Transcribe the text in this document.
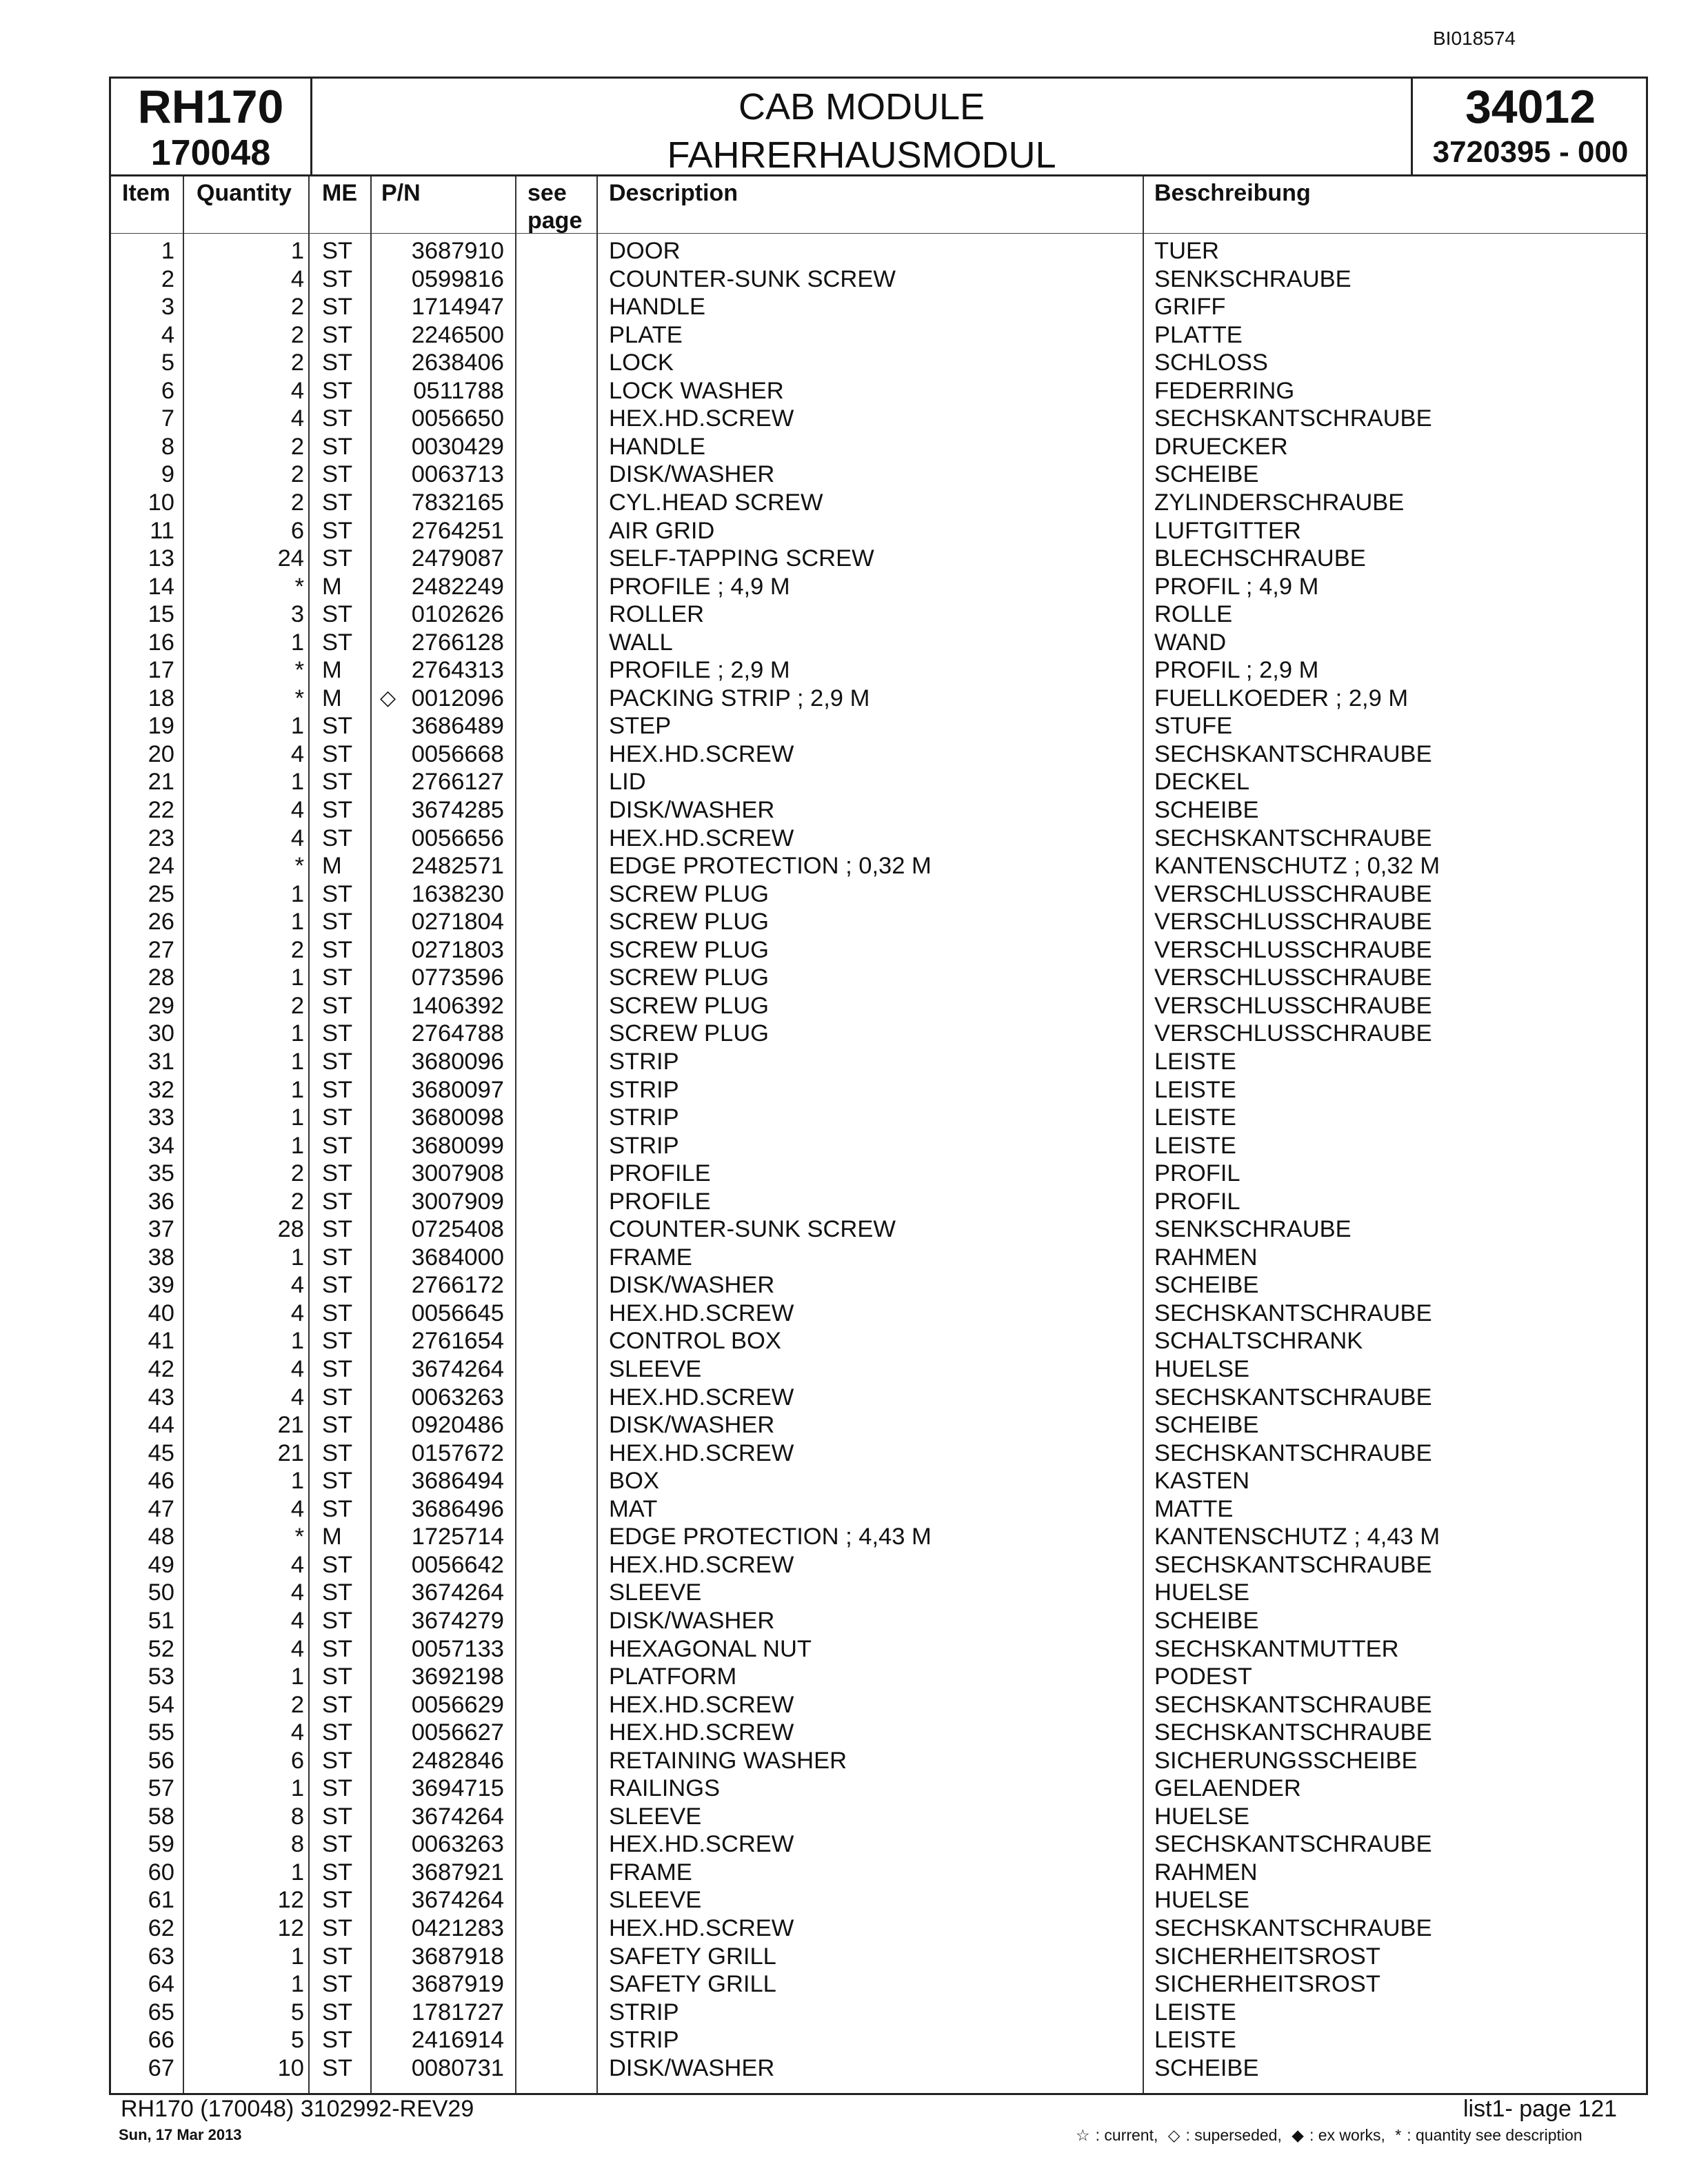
BI018574
RH170
170048
CAB MODULE
FAHRERHAUSMODUL
34012
3720395 - 000
Item Quantity ME P/N	see
page
Description	Beschreibung
1	1 ST	3687910	DOOR	TUER
2	4 ST	0599816	COUNTER-SUNK SCREW	SENKSCHRAUBE
3	2 ST	1714947	HANDLE	GRIFF
4	2 ST	2246500	PLATE	PLATTE
5	2 ST	2638406	LOCK	SCHLOSS
6	4 ST	0511788	LOCK WASHER	FEDERRING
7	4 ST	0056650	HEX.HD.SCREW	SECHSKANTSCHRAUBE
8	2 ST	0030429	HANDLE	DRUECKER
9	2 ST	0063713	DISK/WASHER	SCHEIBE
10	2 ST	7832165	CYL.HEAD SCREW	ZYLINDERSCHRAUBE
11	6 ST	2764251	AIR GRID	LUFTGITTER
13	24 ST	2479087	SELF-TAPPING SCREW	BLECHSCHRAUBE
14	* M	2482249	PROFILE ; 4,9 M	PROFIL ; 4,9 M
15	3 ST	0102626	ROLLER	ROLLE
16	1 ST	2766128	WALL	WAND
17	* M	2764313	PROFILE ; 2,9 M	PROFIL ; 2,9 M
18	* M ◇ 0012096	PACKING STRIP ; 2,9 M	FUELLKOEDER ; 2,9 M
19	1 ST	3686489	STEP	STUFE
20	4 ST	0056668	HEX.HD.SCREW	SECHSKANTSCHRAUBE
21	1 ST	2766127	LID	DECKEL
22	4 ST	3674285	DISK/WASHER	SCHEIBE
23	4 ST	0056656	HEX.HD.SCREW	SECHSKANTSCHRAUBE
24	* M	2482571	EDGE PROTECTION ; 0,32 M	KANTENSCHUTZ ; 0,32 M
25	1 ST	1638230	SCREW PLUG	VERSCHLUSSCHRAUBE
26	1 ST	0271804	SCREW PLUG	VERSCHLUSSCHRAUBE
27	2 ST	0271803	SCREW PLUG	VERSCHLUSSCHRAUBE
28	1 ST	0773596	SCREW PLUG	VERSCHLUSSCHRAUBE
29	2 ST	1406392	SCREW PLUG	VERSCHLUSSCHRAUBE
30	1 ST	2764788	SCREW PLUG	VERSCHLUSSCHRAUBE
31	1 ST	3680096	STRIP	LEISTE
32	1 ST	3680097	STRIP	LEISTE
33	1 ST	3680098	STRIP	LEISTE
34	1 ST	3680099	STRIP	LEISTE
35	2 ST	3007908	PROFILE	PROFIL
36	2 ST	3007909	PROFILE	PROFIL
37	28 ST	0725408	COUNTER-SUNK SCREW	SENKSCHRAUBE
38	1 ST	3684000	FRAME	RAHMEN
39	4 ST	2766172	DISK/WASHER	SCHEIBE
40	4 ST	0056645	HEX.HD.SCREW	SECHSKANTSCHRAUBE
41	1 ST	2761654	CONTROL BOX	SCHALTSCHRANK
42	4 ST	3674264	SLEEVE	HUELSE
43	4 ST	0063263	HEX.HD.SCREW	SECHSKANTSCHRAUBE
44	21 ST	0920486	DISK/WASHER	SCHEIBE
45	21 ST	0157672	HEX.HD.SCREW	SECHSKANTSCHRAUBE
46	1 ST	3686494	BOX	KASTEN
47	4 ST	3686496	MAT	MATTE
48	* M	1725714	EDGE PROTECTION ; 4,43 M	KANTENSCHUTZ ; 4,43 M
49	4 ST	0056642	HEX.HD.SCREW	SECHSKANTSCHRAUBE
50	4 ST	3674264	SLEEVE	HUELSE
51	4 ST	3674279	DISK/WASHER	SCHEIBE
52	4 ST	0057133	HEXAGONAL NUT	SECHSKANTMUTTER
53	1 ST	3692198	PLATFORM	PODEST
54	2 ST	0056629	HEX.HD.SCREW	SECHSKANTSCHRAUBE
55	4 ST	0056627	HEX.HD.SCREW	SECHSKANTSCHRAUBE
56	6 ST	2482846	RETAINING WASHER	SICHERUNGSSCHEIBE
57	1 ST	3694715	RAILINGS	GELAENDER
58	8 ST	3674264	SLEEVE	HUELSE
59	8 ST	0063263	HEX.HD.SCREW	SECHSKANTSCHRAUBE
60	1 ST	3687921	FRAME	RAHMEN
61	12 ST	3674264	SLEEVE	HUELSE
62	12 ST	0421283	HEX.HD.SCREW	SECHSKANTSCHRAUBE
63	1 ST	3687918	SAFETY GRILL	SICHERHEITSROST
64	1 ST	3687919	SAFETY GRILL	SICHERHEITSROST
65	5 ST	1781727	STRIP	LEISTE
66	5 ST	2416914	STRIP	LEISTE
67	10 ST	0080731	DISK/WASHER	SCHEIBE
RH170 (170048) 3102992-REV29
Sun, 17 Mar 2013
list1- page 121
☆ : current, ◇ : superseded, ◆ : ex works, * : quantity see description
